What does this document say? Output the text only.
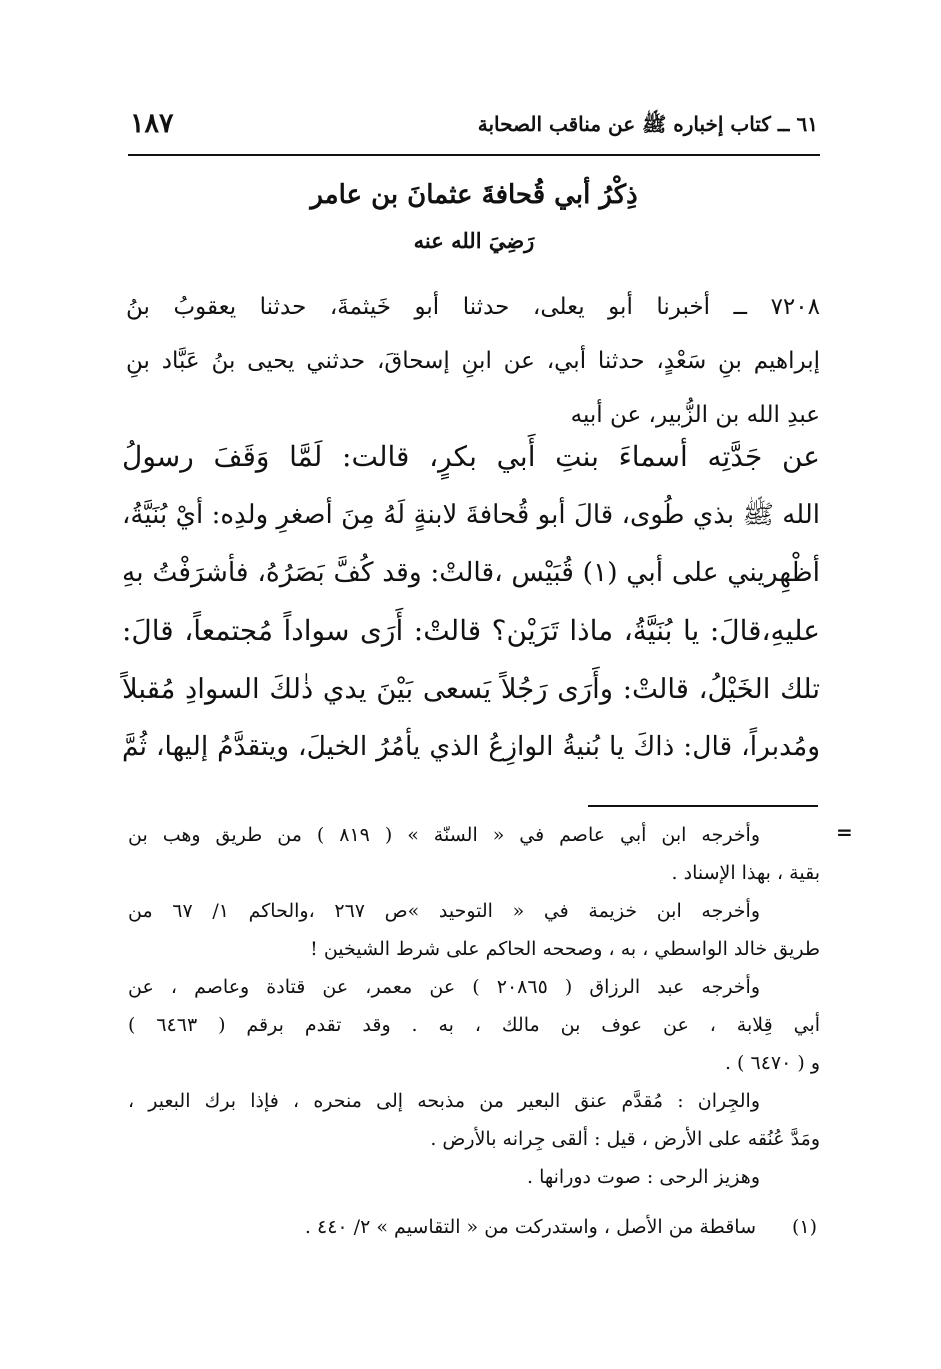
٦١ ــ كتاب إخباره ﷺ عن مناقب الصحابة
١٨٧
ذِكْرُ أبي قُحافةَ عثمانَ بن عامر
رَضِيَ الله عنه
٧٢٠٨ ــ أخبرنا أبو يعلى، حدثنا أبو خَيثمةَ، حدثنا يعقوبُ بنُ
إبراهيم بنِ سَعْدٍ، حدثنا أبي، عن ابنِ إسحاقَ، حدثني يحيى بنُ عَبَّاد بنِ
عبدِ الله بن الزُّبير، عن أبيه
عن جَدَّتِه أسماءَ بنتِ أَبي بكرٍ، قالت: لَمَّا وَقَفَ رسولُ
الله ﷺ بذي طُوى، قالَ أبو قُحافةَ لابنةٍ لَهُ مِنَ أصغرِ ولدِه: أيْ بُنَيَّةُ،
أظْهِريني على أبي (١) قُبَيْس ،قالتْ: وقد كُفَّ بَصَرُهُ، فأشرَفْتُ بهِ
عليهِ،قالَ: يا بُنَيَّةُ، ماذا تَرَيْن؟ قالتْ: أَرَى سواداً مُجتمعاً، قالَ:
تلك الخَيْلُ، قالتْ: وأَرَى رَجُلاً يَسعى بَيْنَ يدي ذٰلكَ السوادِ مُقبلاً
ومُدبراً، قال: ذاكَ يا بُنيةُ الوازِعُ الذي يأمُرُ الخيلَ، ويتقدَّمُ إليها، ثُمَّ
=
وأخرجه ابن أبي عاصم في « السنّة » ( ٨١٩ ) من طريق وهب بن
بقية ، بهذا الإسناد .
وأخرجه ابن خزيمة في « التوحيد »ص ٢٦٧ ،والحاكم ١/ ٦٧ من
طريق خالد الواسطي ، به ، وصححه الحاكم على شرط الشيخين !
وأخرجه عبد الرزاق ( ٢٠٨٦٥ ) عن معمر، عن قتادة وعاصم ، عن
أبي قِلابة ، عن عوف بن مالك ، به . وقد تقدم برقم ( ٦٤٦٣ )
و ( ٦٤٧٠ ) .
والجِران : مُقدَّم عنق البعير من مذبحه إلى منحره ، فإذا برك البعير ،
ومَدَّ عُنُقه على الأرض ، قيل : ألقى جِرانه بالأرض .
وهزيز الرحى : صوت دورانها .
(١)
ساقطة من الأصل ، واستدركت من « التقاسيم » ٢/ ٤٤٠ .
